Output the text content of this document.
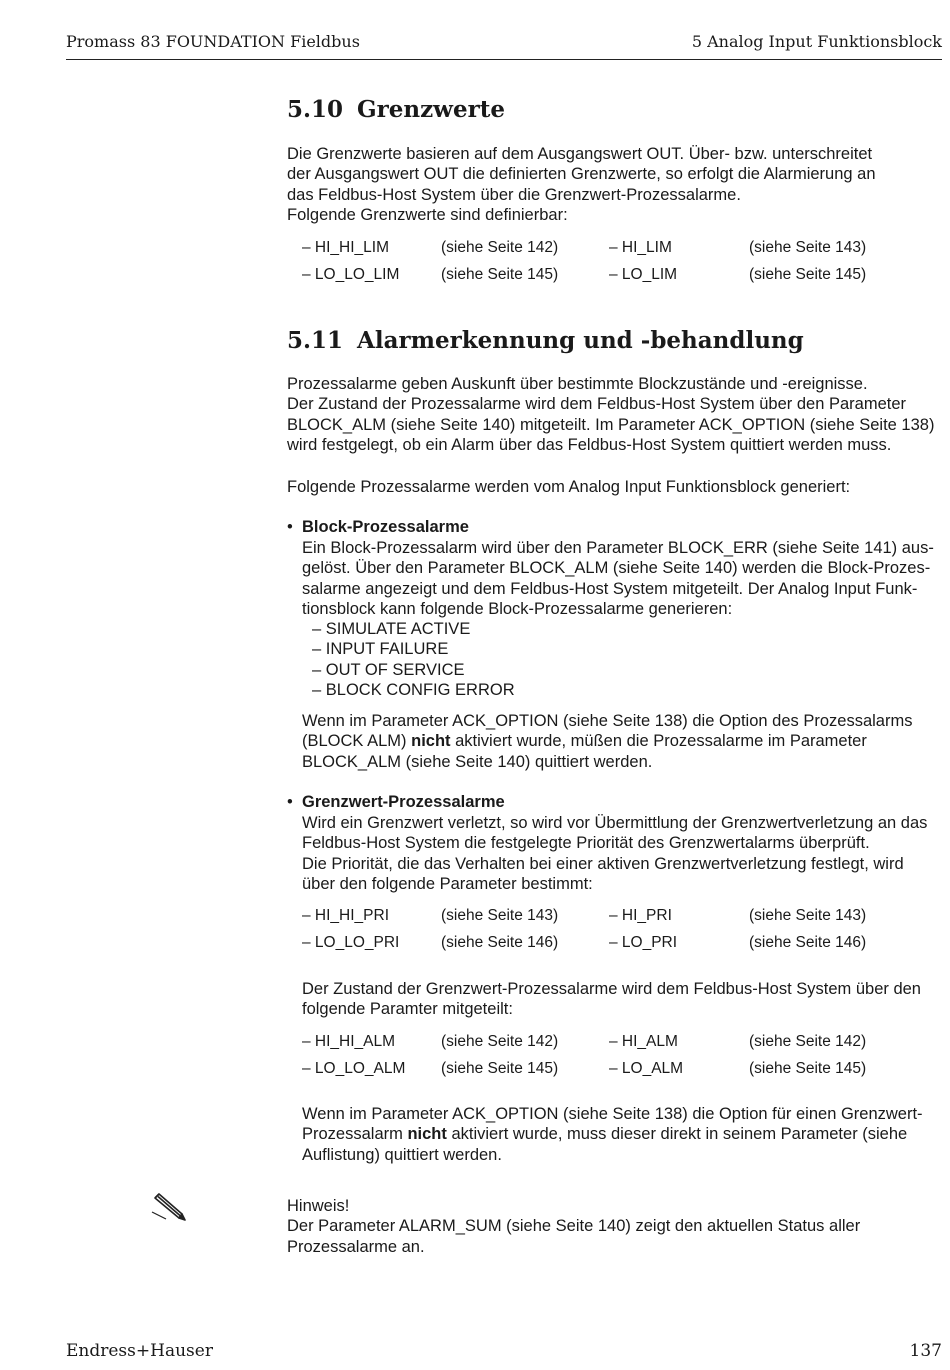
Promass 83 FOUNDATION Fieldbus	5 Analog Input Funktionsblock
5.10 Grenzwerte

Die Grenzwerte basieren auf dem Ausgangswert OUT. Über- bzw. unterschreitet
der Ausgangswert OUT die definierten Grenzwerte, so erfolgt die Alarmierung an
das Feldbus-Host System über die Grenzwert-Prozessalarme.
Folgende Grenzwerte sind definierbar:

– HI_HI_LIM	(siehe Seite 142)	– HI_LIM	(siehe Seite 143)
– LO_LO_LIM	(siehe Seite 145)	– LO_LIM	(siehe Seite 145)
5.11 Alarmerkennung und -behandlung

Prozessalarme geben Auskunft über bestimmte Blockzustände und -ereignisse.
Der Zustand der Prozessalarme wird dem Feldbus-Host System über den Parameter
BLOCK_ALM (siehe Seite 140) mitgeteilt. Im Parameter ACK_OPTION (siehe Seite 138)
wird festgelegt, ob ein Alarm über das Feldbus-Host System quittiert werden muss.

Folgende Prozessalarme werden vom Analog Input Funktionsblock generiert:

• Block-Prozessalarme

Ein Block-Prozessalarm wird über den Parameter BLOCK_ERR (siehe Seite 141) aus-
gelöst. Über den Parameter BLOCK_ALM (siehe Seite 140) werden die Block-Prozes-
salarme angezeigt und dem Feldbus-Host System mitgeteilt. Der Analog Input Funk-
tionsblock kann folgende Block-Prozessalarme generieren:

– SIMULATE ACTIVE
– INPUT FAILURE
– OUT OF SERVICE
– BLOCK CONFIG ERROR

Wenn im Parameter ACK_OPTION (siehe Seite 138) die Option des Prozessalarms
(BLOCK ALM) nicht aktiviert wurde, müßen die Prozessalarme im Parameter
BLOCK_ALM (siehe Seite 140) quittiert werden.

• Grenzwert-Prozessalarme

Wird ein Grenzwert verletzt, so wird vor Übermittlung der Grenzwertverletzung an das
Feldbus-Host System die festgelegte Priorität des Grenzwertalarms überprüft.
Die Priorität, die das Verhalten bei einer aktiven Grenzwertverletzung festlegt, wird
über den folgende Parameter bestimmt:

– HI_HI_PRI	(siehe Seite 143)	– HI_PRI	(siehe Seite 143)
– LO_LO_PRI	(siehe Seite 146)	– LO_PRI	(siehe Seite 146)

Der Zustand der Grenzwert-Prozessalarme wird dem Feldbus-Host System über den
folgende Paramter mitgeteilt:

– HI_HI_ALM	(siehe Seite 142)	– HI_ALM	(siehe Seite 142)
– LO_LO_ALM (siehe Seite 145)	– LO_ALM	(siehe Seite 145)

Wenn im Parameter ACK_OPTION (siehe Seite 138) die Option für einen Grenzwert-
Prozessalarm nicht aktiviert wurde, muss dieser direkt in seinem Parameter (siehe
Auflistung) quittiert werden.

Hinweis!
Der Parameter ALARM_SUM (siehe Seite 140) zeigt den aktuellen Status aller
Prozessalarme an.

Endress+Hauser	137
